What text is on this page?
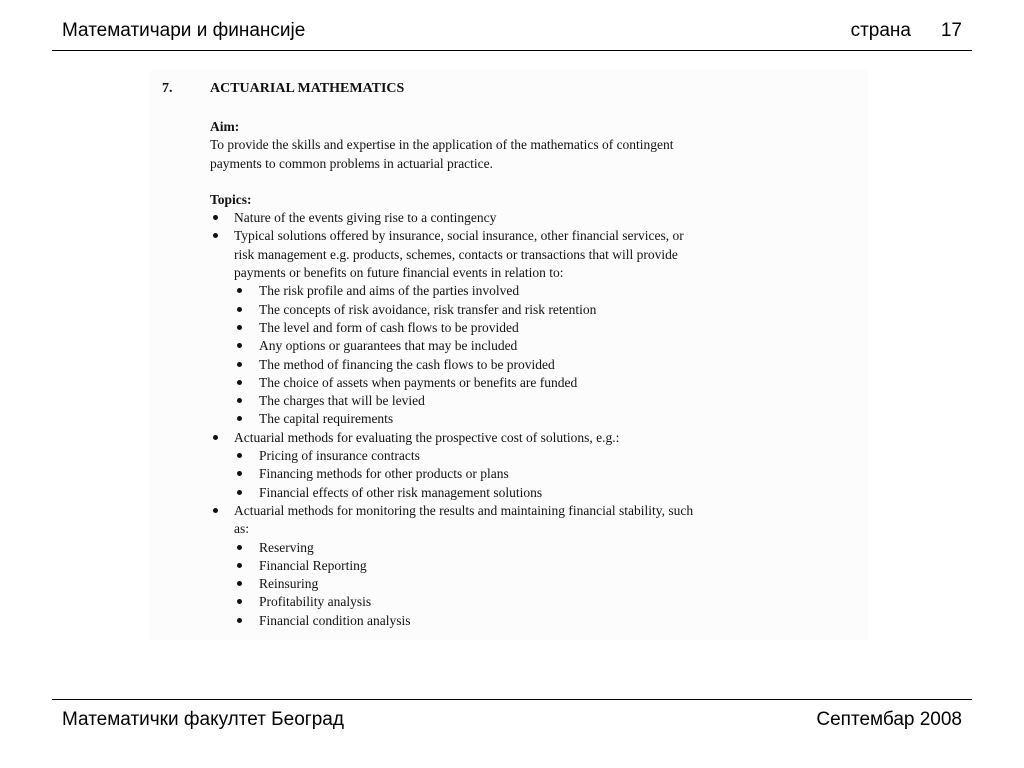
Математичари и финансије	страна 17
7.	ACTUARIAL MATHEMATICS
Aim:
To provide the skills and expertise in the application of the mathematics of contingent
payments to common problems in actuarial practice.
Topics:
Nature of the events giving rise to a contingency
Typical solutions offered by insurance, social insurance, other financial services, or
risk management e.g. products, schemes, contacts or transactions that will provide
payments or benefits on future financial events in relation to:
The risk profile and aims of the parties involved
The concepts of risk avoidance, risk transfer and risk retention
The level and form of cash flows to be provided
Any options or guarantees that may be included
The method of financing the cash flows to be provided
The choice of assets when payments or benefits are funded
The charges that will be levied
The capital requirements
Actuarial methods for evaluating the prospective cost of solutions, e.g.:
Pricing of insurance contracts
Financing methods for other products or plans
Financial effects of other risk management solutions
Actuarial methods for monitoring the results and maintaining financial stability, such
as:
Reserving
Financial Reporting
Reinsuring
Profitability analysis
Financial condition analysis
Математички факултет Београд	Септембар 2008
